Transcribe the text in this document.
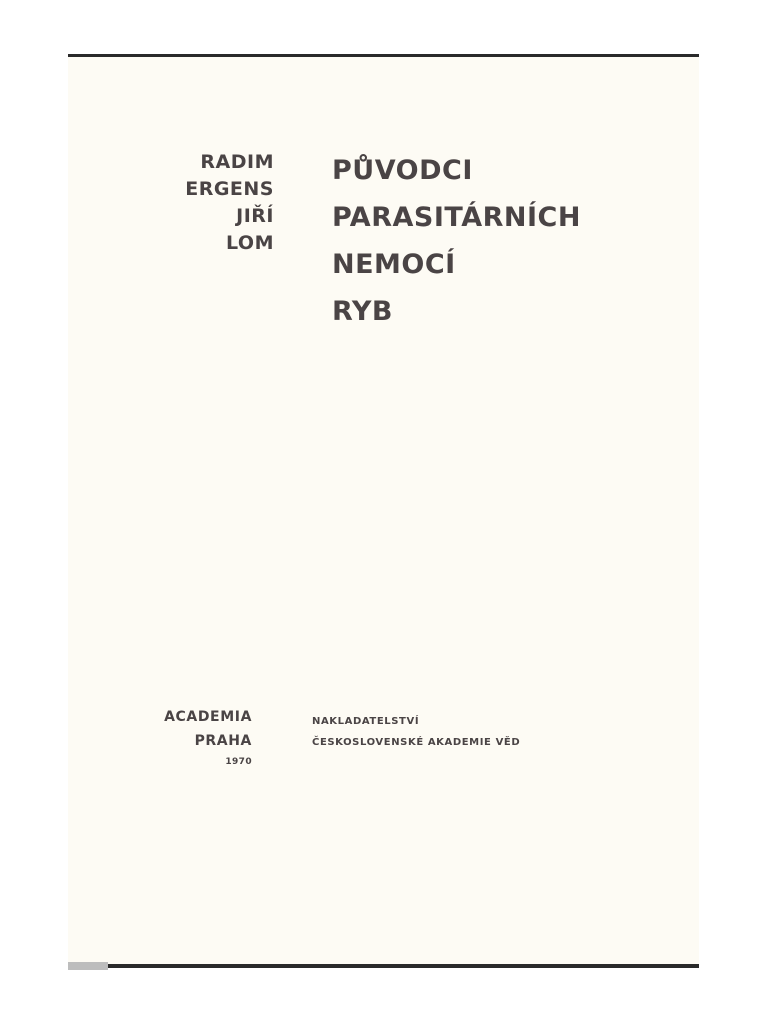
RADIM
ERGENS
JIŘÍ
LOM
PŮVODCI
PARASITÁRNÍCH
NEMOCÍ
RYB
ACADEMIA
PRAHA
1970
NAKLADATELSTVÍ
ČESKOSLOVENSKÉ AKADEMIE VĚD
